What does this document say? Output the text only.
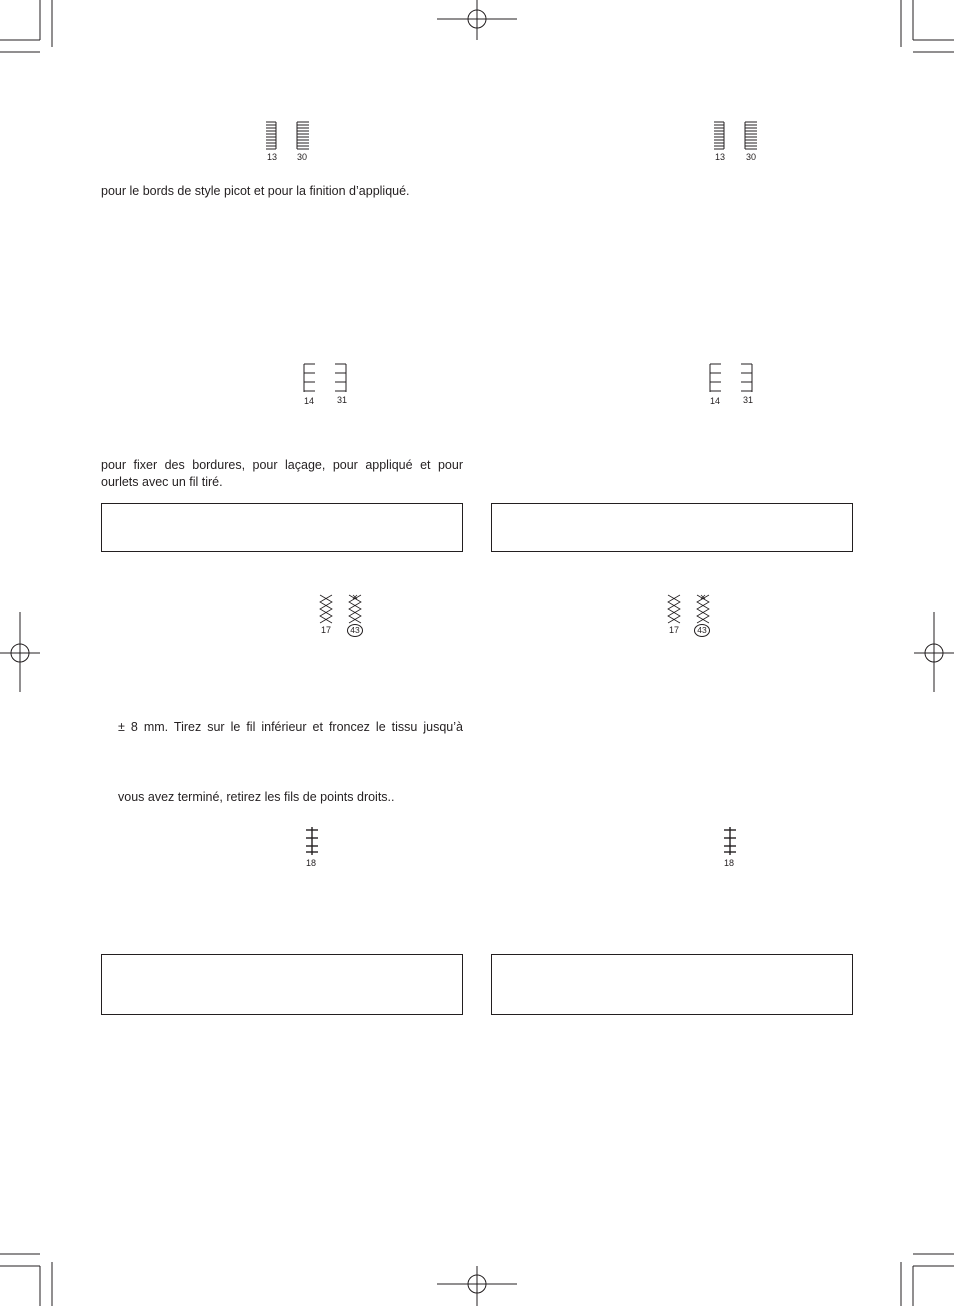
13	30
pour le bords de style picot et pour la finition d’appliqué.
14	31
pour fixer des bordures, pour laçage, pour appliqué et pour
ourlets avec un fil tiré.
17	43
± 8 mm. Tirez sur le fil inférieur et froncez le tissu jusqu’à
vous avez terminé, retirez les fils de points droits..
18
13	30
14	31
17	43
18
